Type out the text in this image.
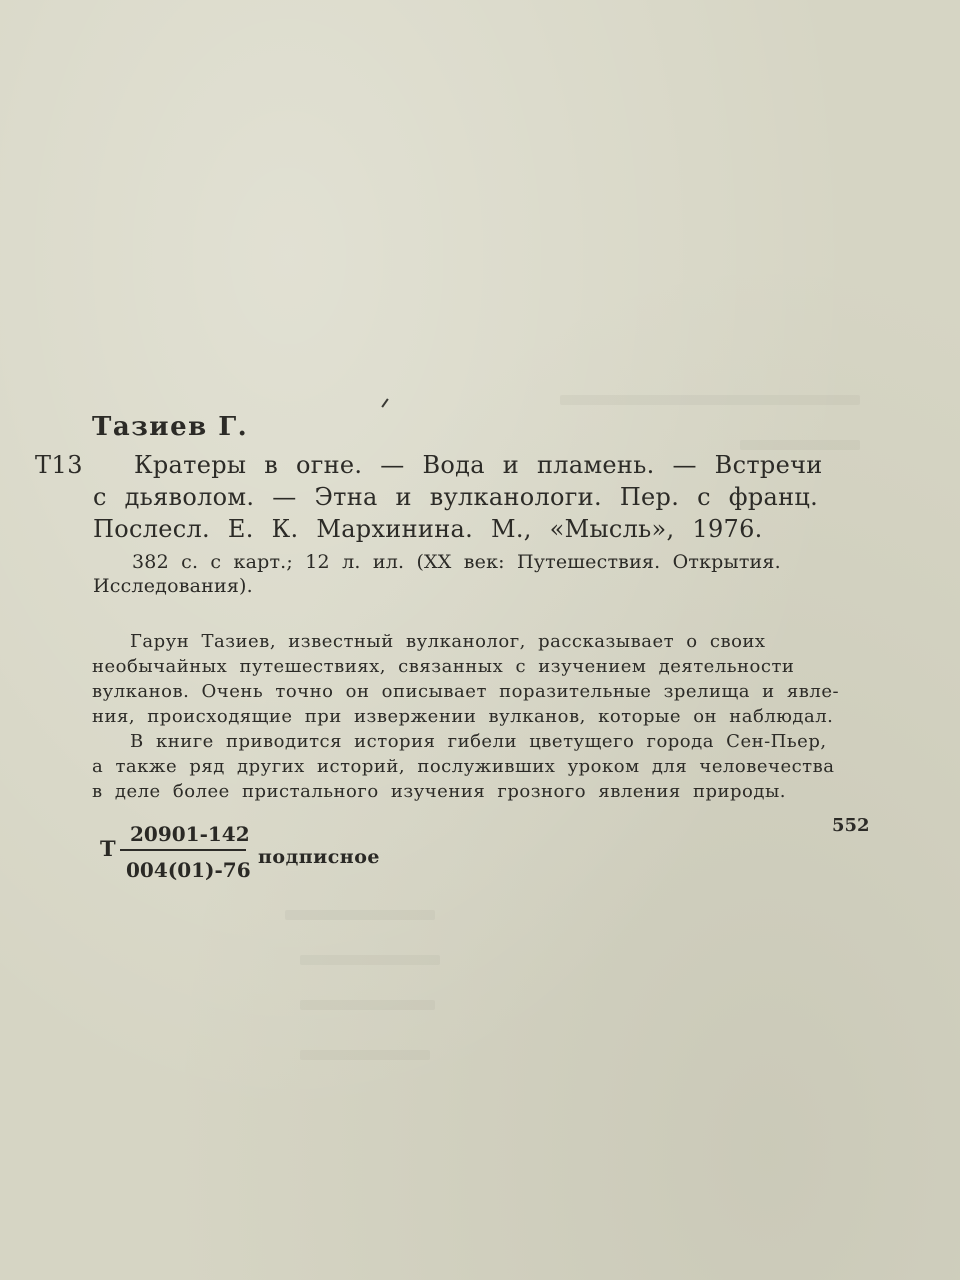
Тазиев Г.
Т13 Кратеры в огне. — Вода и пламень. — Встречи
с дьяволом. — Этна и вулканологи. Пер. с франц.
Послесл. Е. К. Мархинина. М., «Мысль», 1976.
382 с. с карт.; 12 л. ил. (XX век: Путешествия. Открытия.
Исследования).
Гарун Тазиев, известный вулканолог, рассказывает о своих
необычайных путешествиях, связанных с изучением деятельности
вулканов. Очень точно он описывает поразительные зрелища и явле-
ния, происходящие при извержении вулканов, которые он наблюдал.
В книге приводится история гибели цветущего города Сен-Пьер,
а также ряд других историй, послуживших уроком для человечества
в деле более пристального изучения грозного явления природы.
Т
20901-142
004(01)-76
подписное
552
